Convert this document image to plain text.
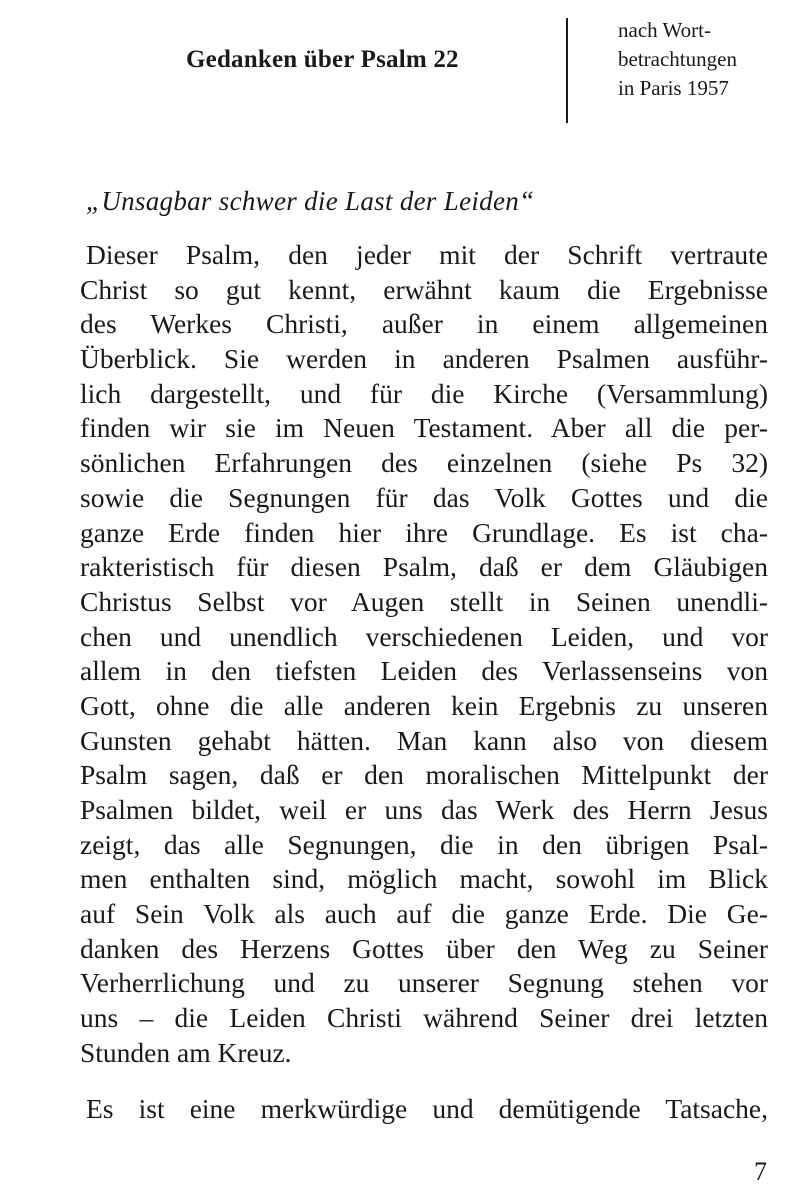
Gedanken über Psalm 22
nach Wort-
betrachtungen
in Paris 1957
„Unsagbar schwer die Last der Leiden“
Dieser Psalm, den jeder mit der Schrift vertraute
Christ so gut kennt, erwähnt kaum die Ergebnisse
des Werkes Christi, außer in einem allgemeinen
Überblick. Sie werden in anderen Psalmen ausführ-
lich dargestellt, und für die Kirche (Versammlung)
finden wir sie im Neuen Testament. Aber all die per-
sönlichen Erfahrungen des einzelnen (siehe Ps 32)
sowie die Segnungen für das Volk Gottes und die
ganze Erde finden hier ihre Grundlage. Es ist cha-
rakteristisch für diesen Psalm, daß er dem Gläubigen
Christus Selbst vor Augen stellt in Seinen unendli-
chen und unendlich verschiedenen Leiden, und vor
allem in den tiefsten Leiden des Verlassenseins von
Gott, ohne die alle anderen kein Ergebnis zu unseren
Gunsten gehabt hätten. Man kann also von diesem
Psalm sagen, daß er den moralischen Mittelpunkt der
Psalmen bildet, weil er uns das Werk des Herrn Jesus
zeigt, das alle Segnungen, die in den übrigen Psal-
men enthalten sind, möglich macht, sowohl im Blick
auf Sein Volk als auch auf die ganze Erde. Die Ge-
danken des Herzens Gottes über den Weg zu Seiner
Verherrlichung und zu unserer Segnung stehen vor
uns – die Leiden Christi während Seiner drei letzten
Stunden am Kreuz.
Es ist eine merkwürdige und demütigende Tatsache,
7
